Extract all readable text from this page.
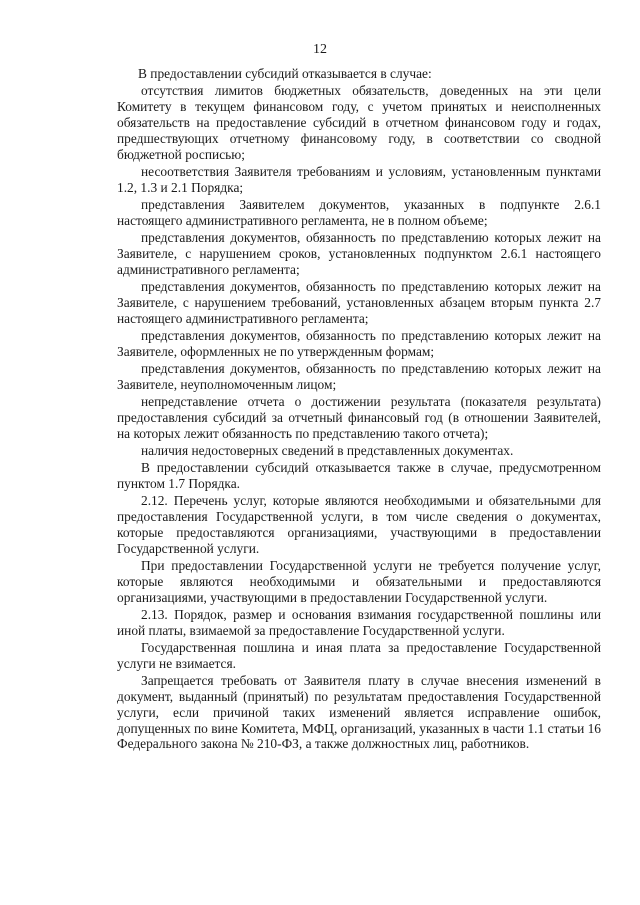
12

В предоставлении субсидий отказывается в случае:

отсутствия лимитов бюджетных обязательств, доведенных на эти цели Комитету в текущем финансовом году, с учетом принятых и неисполненных обязательств на предоставление субсидий в отчетном финансовом году и годах, предшествующих отчетному финансовому году, в соответствии со сводной бюджетной росписью;

несоответствия Заявителя требованиям и условиям, установленным пунктами 1.2, 1.3 и 2.1 Порядка;

представления Заявителем документов, указанных в подпункте 2.6.1 настоящего административного регламента, не в полном объеме;

представления документов, обязанность по представлению которых лежит на Заявителе, с нарушением сроков, установленных подпунктом 2.6.1 настоящего административного регламента;

представления документов, обязанность по представлению которых лежит на Заявителе, с нарушением требований, установленных абзацем вторым пункта 2.7 настоящего административного регламента;

представления документов, обязанность по представлению которых лежит на Заявителе, оформленных не по утвержденным формам;

представления документов, обязанность по представлению которых лежит на Заявителе, неуполномоченным лицом;

непредставление отчета о достижении результата (показателя результата) предоставления субсидий за отчетный финансовый год (в отношении Заявителей, на которых лежит обязанность по представлению такого отчета);

наличия недостоверных сведений в представленных документах.

В предоставлении субсидий отказывается также в случае, предусмотренном пунктом 1.7 Порядка.

2.12. Перечень услуг, которые являются необходимыми и обязательными для предоставления Государственной услуги, в том числе сведения о документах, которые предоставляются организациями, участвующими в предоставлении Государственной услуги.

При предоставлении Государственной услуги не требуется получение услуг, которые являются необходимыми и обязательными и предоставляются организациями, участвующими в предоставлении Государственной услуги.

2.13. Порядок, размер и основания взимания государственной пошлины или иной платы, взимаемой за предоставление Государственной услуги.

Государственная пошлина и иная плата за предоставление Государственной услуги не взимается.

Запрещается требовать от Заявителя плату в случае внесения изменений в документ, выданный (принятый) по результатам предоставления Государственной услуги, если причиной таких изменений является исправление ошибок, допущенных по вине Комитета, МФЦ, организаций, указанных в части 1.1 статьи 16 Федерального закона № 210-ФЗ, а также должностных лиц, работников.
